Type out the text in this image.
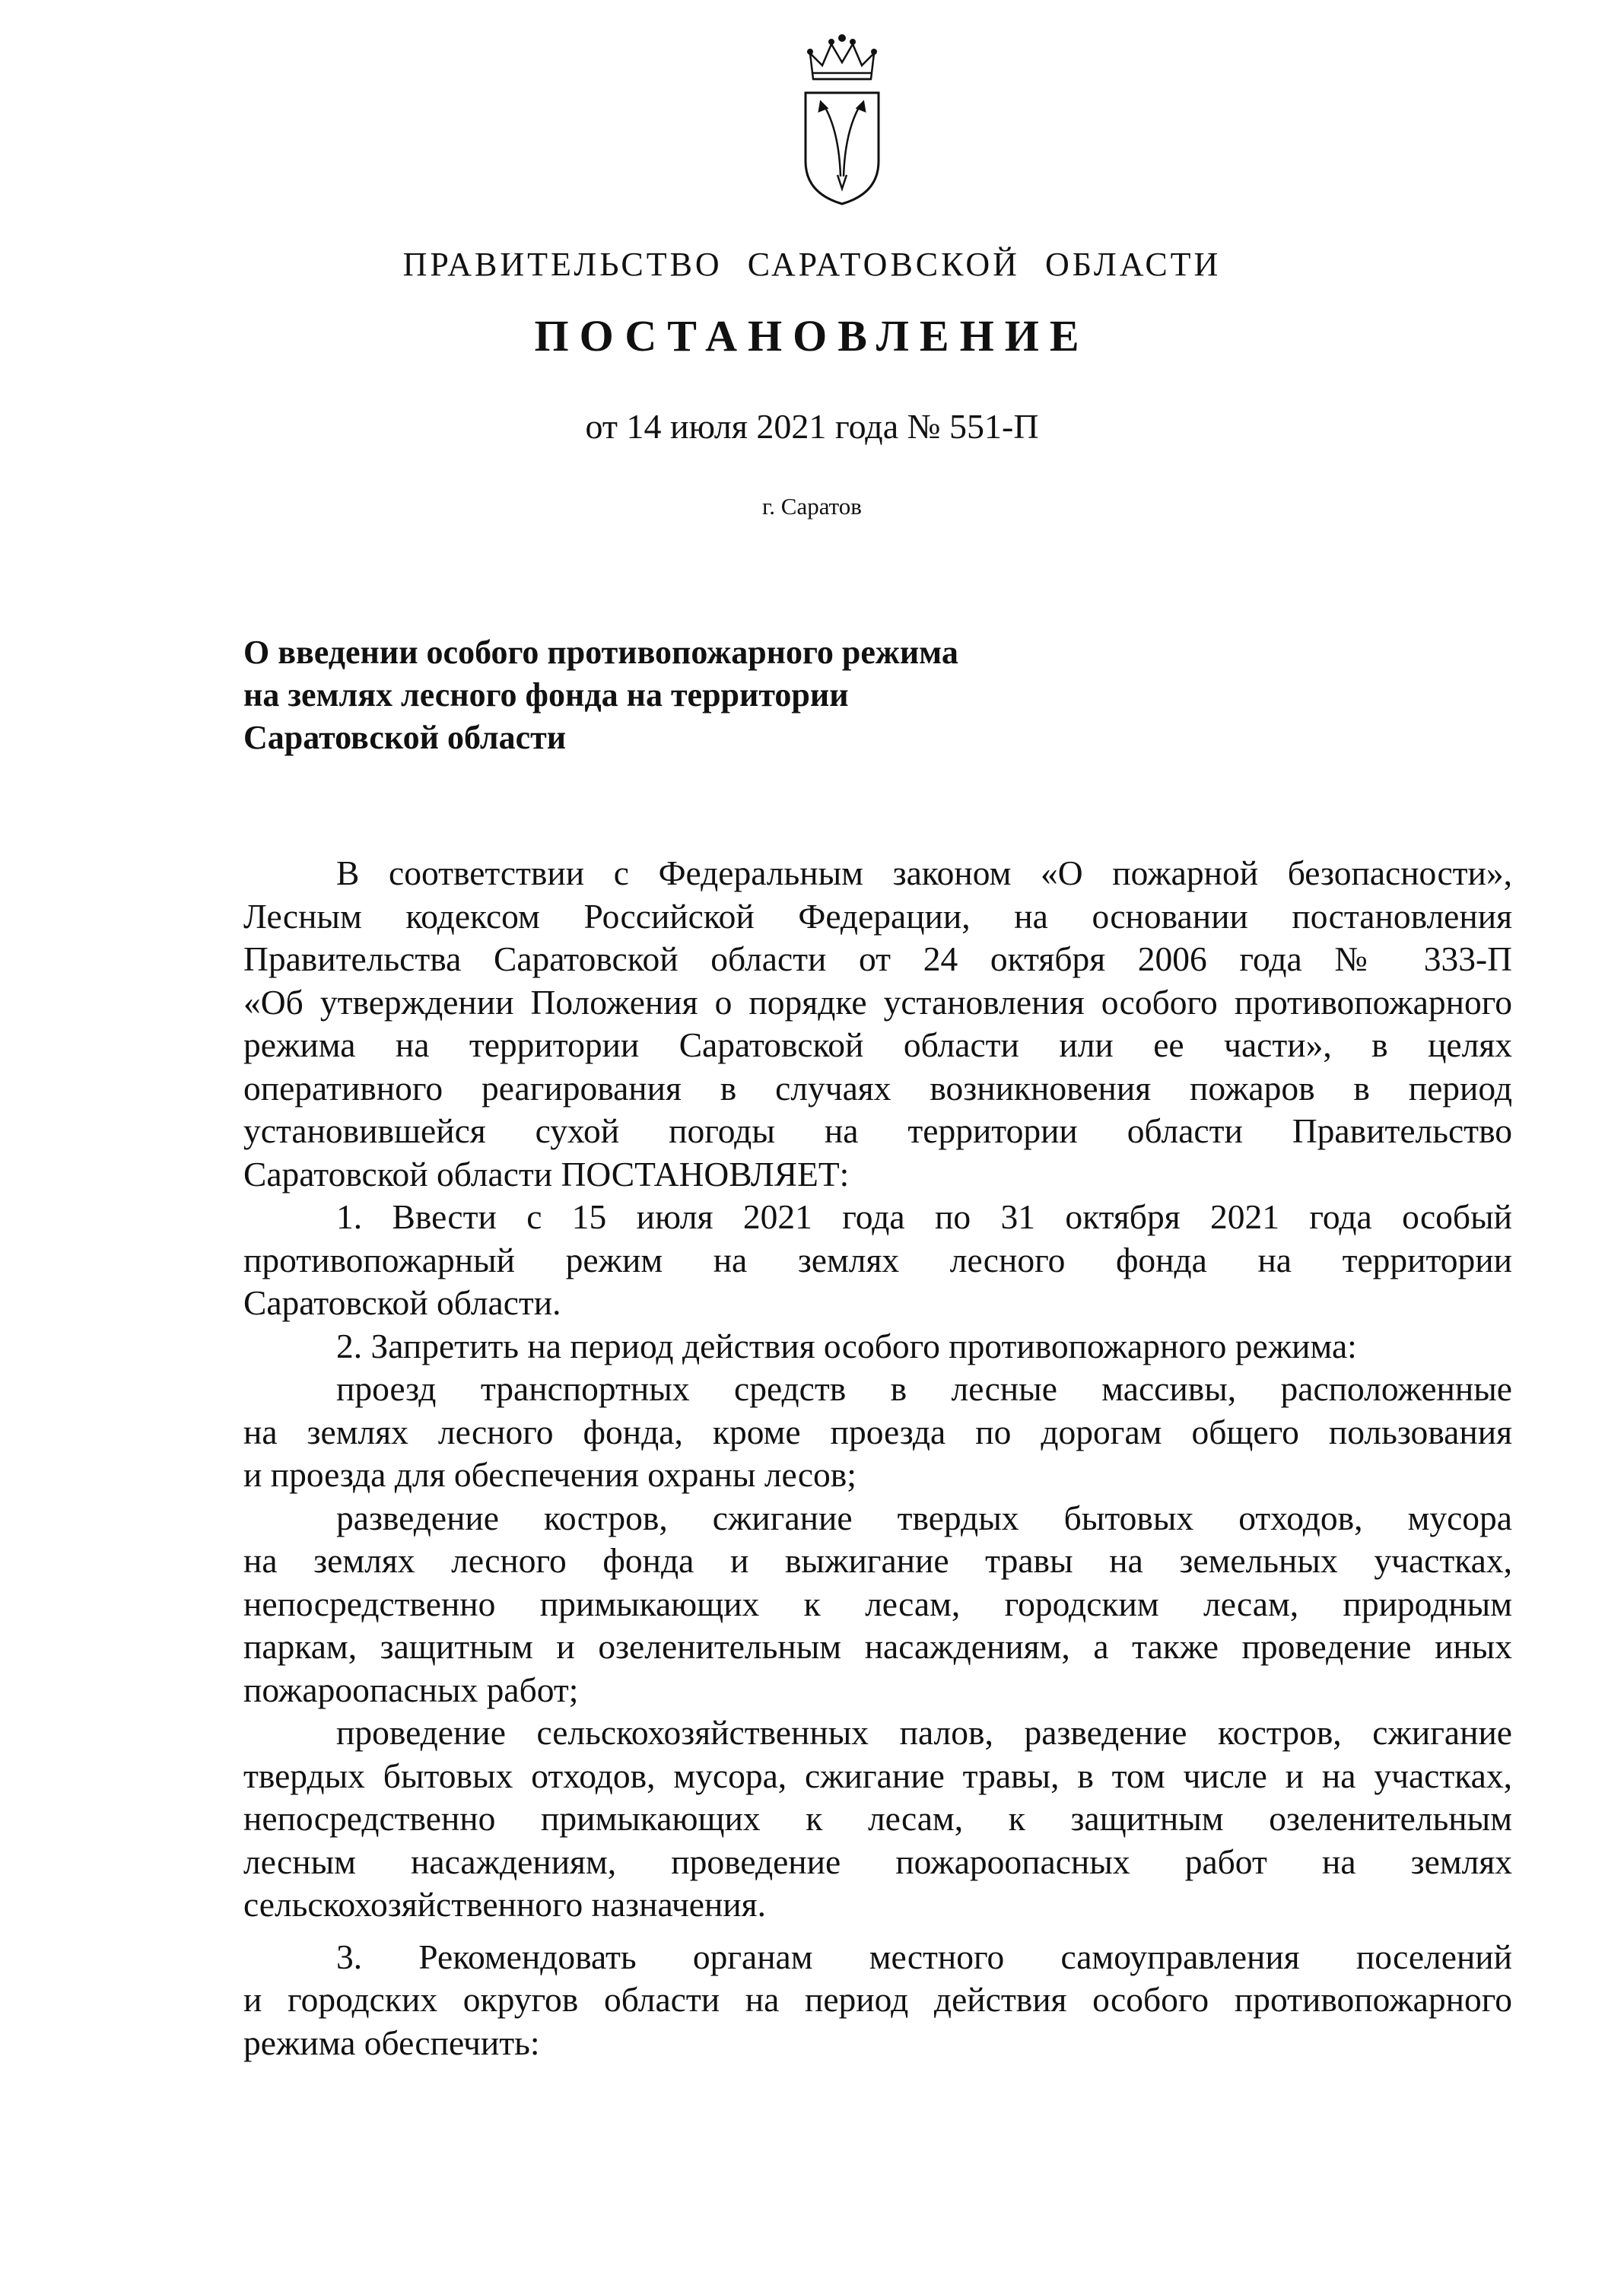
ПРАВИТЕЛЬСТВО САРАТОВСКОЙ ОБЛАСТИ
ПОСТАНОВЛЕНИЕ
от 14 июля 2021 года № 551-П
г. Саратов
О введении особого противопожарного режима
на землях лесного фонда на территории
Саратовской области
В соответствии с Федеральным законом «О пожарной безопасности»,
Лесным кодексом Российской Федерации, на основании постановления
Правительства Саратовской области от 24 октября 2006 года № 333-П
«Об утверждении Положения о порядке установления особого противопожарного
режима на территории Саратовской области или ее части», в целях
оперативного реагирования в случаях возникновения пожаров в период
установившейся сухой погоды на территории области Правительство
Саратовской области ПОСТАНОВЛЯЕТ:
1. Ввести с 15 июля 2021 года по 31 октября 2021 года особый
противопожарный режим на землях лесного фонда на территории
Саратовской области.
2. Запретить на период действия особого противопожарного режима:
проезд транспортных средств в лесные массивы, расположенные
на землях лесного фонда, кроме проезда по дорогам общего пользования
и проезда для обеспечения охраны лесов;
разведение костров, сжигание твердых бытовых отходов, мусора
на землях лесного фонда и выжигание травы на земельных участках,
непосредственно примыкающих к лесам, городским лесам, природным
паркам, защитным и озеленительным насаждениям, а также проведение иных
пожароопасных работ;
проведение сельскохозяйственных палов, разведение костров, сжигание
твердых бытовых отходов, мусора, сжигание травы, в том числе и на участках,
непосредственно примыкающих к лесам, к защитным озеленительным
лесным насаждениям, проведение пожароопасных работ на землях
сельскохозяйственного назначения.
3. Рекомендовать органам местного самоуправления поселений
и городских округов области на период действия особого противопожарного
режима обеспечить:
